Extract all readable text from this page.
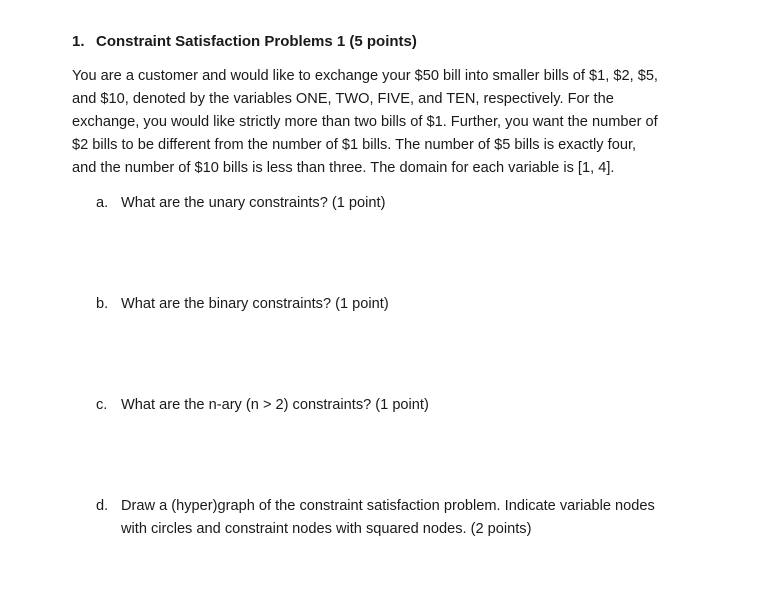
1. Constraint Satisfaction Problems 1 (5 points)

You are a customer and would like to exchange your $50 bill into smaller bills of $1, $2, $5,
and $10, denoted by the variables ONE, TWO, FIVE, and TEN, respectively. For the
exchange, you would like strictly more than two bills of $1. Further, you want the number of
$2 bills to be different from the number of $1 bills. The number of $5 bills is exactly four,
and the number of $10 bills is less than three. The domain for each variable is [1, 4].

a. What are the unary constraints? (1 point)
b. What are the binary constraints? (1 point)
c. What are the n-ary (n > 2) constraints? (1 point)
d. Draw a (hyper)graph of the constraint satisfaction problem. Indicate variable nodes
with circles and constraint nodes with squared nodes. (2 points)
